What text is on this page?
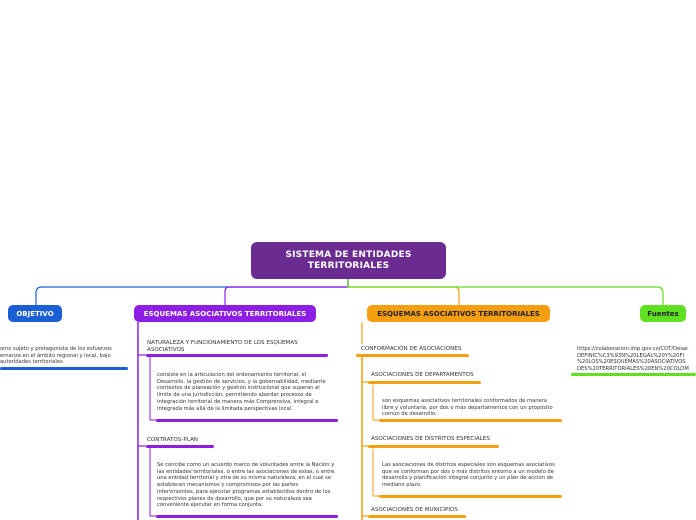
SISTEMA DE ENTIDADES
TERRITORIALES
OBJETIVO
omo sujeto y protagonista de los esfuerzos ernanza en el ámbito regional y local, bajo autoridades territoriales.
ESQUEMAS ASOCIATIVOS TERRITORIALES
NATURALEZA Y FUNCIONAMIENTO DE LOS ESQUEMAS ASOCIATIVOS
consiste en la articulación del ordenamiento territorial, el Desarrollo, la gestión de servicios, y la gobernabilidad, mediante contextos de planeación y gestión institucional que superan el límite de una jurisdicción, permitiendo abordar procesos de integración territorial de manera más Comprensiva, integral e integrada más allá de la limitada perspectivas local.
CONTRATOS-PLAN
Se concibe como un acuerdo marco de voluntades entre la Nación y las entidades territoriales, o entre las asociaciones de estas, o entre una entidad territorial y otra de su misma naturaleza, en el cual se establecen mecanismos y compromisos por las partes intervinientes, para ejecutar programas establecidos dentro de los respectivos planes de desarrollo, que por su naturaleza sea conveniente ejecutar en forma conjunta.
ESQUEMAS ASOCIATIVOS TERRITORIALES
CONFORMACIÓN DE ASOCIACIONES
ASOCIACIONES DE DEPARTAMENTOS
son esquemas asociativos territoriales conformados de manera libre y voluntaria, por dos o más departamentos con un propósito común de desarrollo.
ASOCIACIONES DE DISTRITOS ESPECIALES
Las asociaciones de distritos especiales son esquemas asociativos que se conforman por dos o más distritos entorno a un modelo de desarrollo y planificación integral conjunto y un plan de acción de mediano plazo.
ASOCIACIONES DE MUNICIPIOS
Fuentes
https://colaboracion.dnp.gov.co/CDT/Desar
DEFINIC%C3%93N%20LEGAL%20Y%20FI
%20LOS%20ESQUEMAS%20ASOCIATIVOS
DES%20TERRITORIALES%20EN%20COLOM
